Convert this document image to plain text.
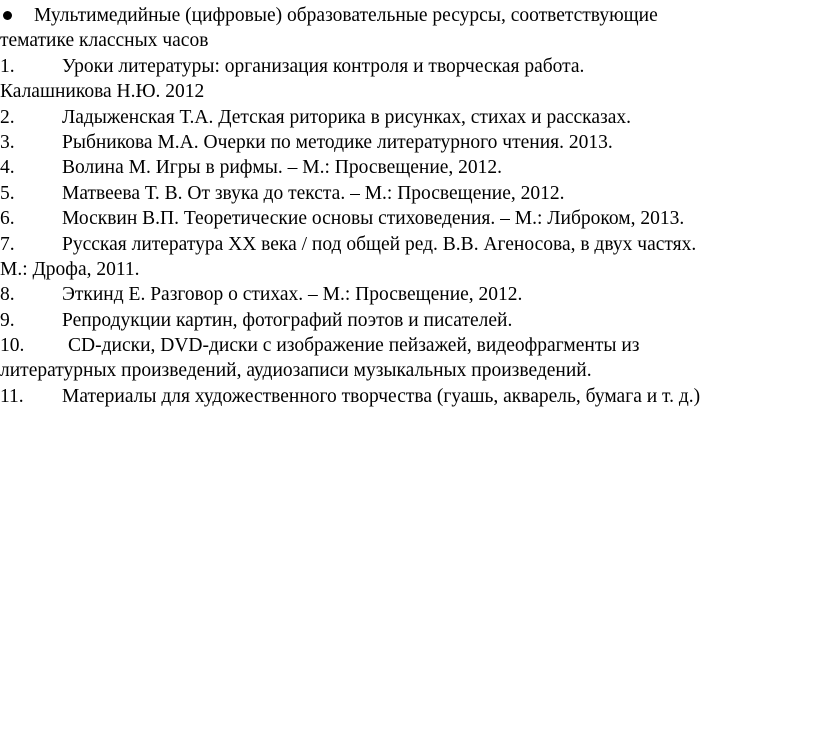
Мультимедийные (цифровые) образовательные ресурсы, соответствующие
тематике классных часов
1. Уроки литературы: организация контроля и творческая работа.
Калашникова Н.Ю. 2012
2. Ладыженская Т.А. Детская риторика в рисунках, стихах и рассказах.
3. Рыбникова М.А. Очерки по методике литературного чтения. 2013.
4. Волина М. Игры в рифмы. – М.: Просвещение, 2012.
5. Матвеева Т. В. От звука до текста. – М.: Просвещение, 2012.
6. Москвин В.П. Теоретические основы стиховедения. – М.: Либроком, 2013.
7. Русская литература XX века / под общей ред. В.В. Агеносова, в двух частях.
М.: Дрофа, 2011.
8. Эткинд Е. Разговор о стихах. – М.: Просвещение, 2012.
9. Репродукции картин, фотографий поэтов и писателей.
10. CD-диски, DVD-диски с изображение пейзажей, видеофрагменты из
литературных произведений, аудиозаписи музыкальных произведений.
11. Материалы для художественного творчества (гуашь, акварель, бумага и т. д.)
